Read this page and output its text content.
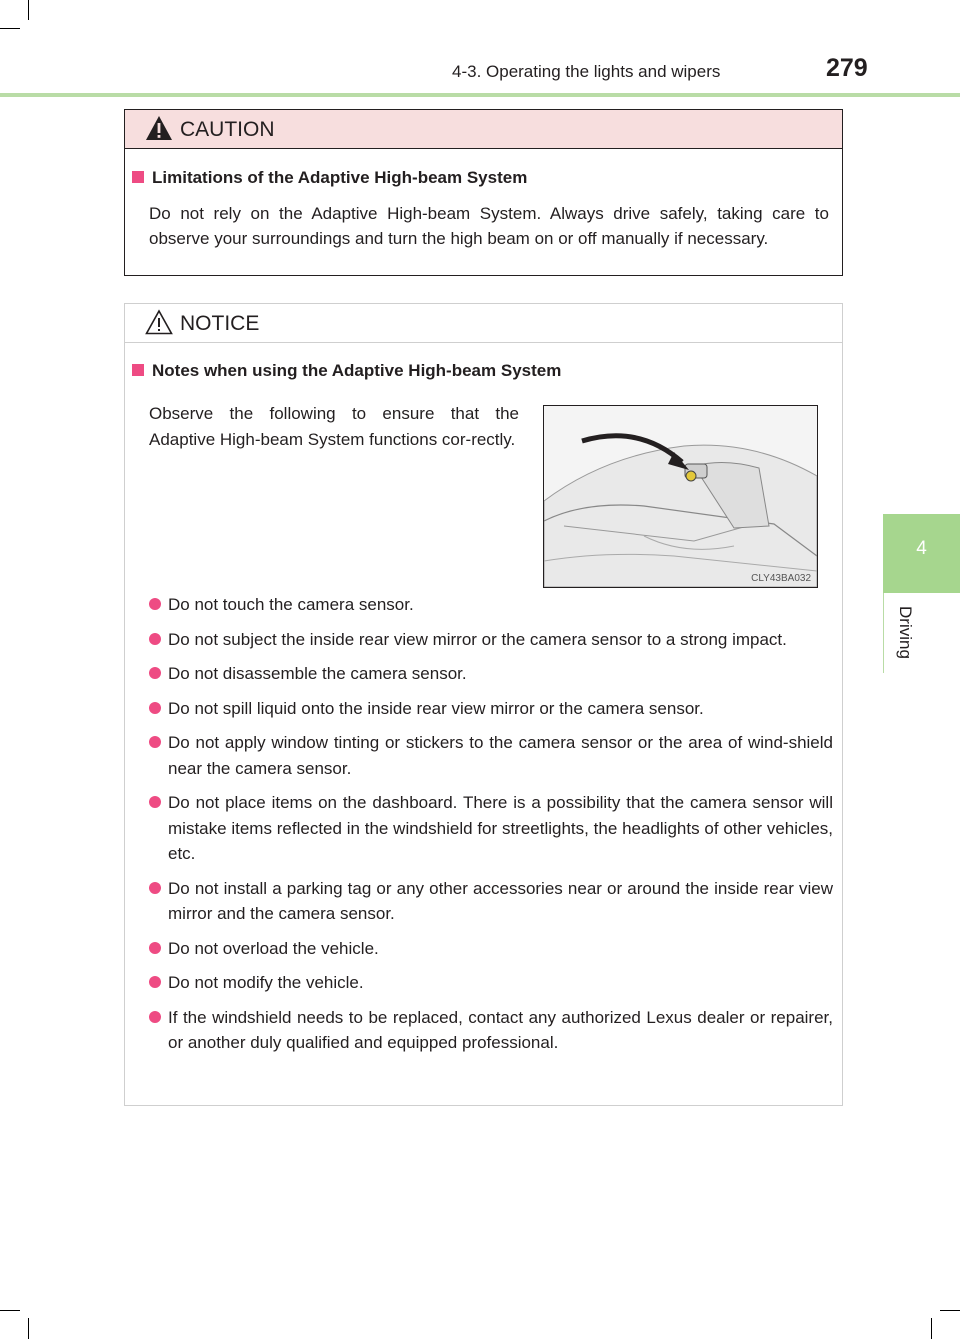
4-3. Operating the lights and wipers	279
4
Driving
CAUTION
Limitations of the Adaptive High-beam System
Do not rely on the Adaptive High-beam System. Always drive safely, taking care to observe your surroundings and turn the high beam on or off manually if necessary.
NOTICE
Notes when using the Adaptive High-beam System
Observe the following to ensure that the Adaptive High-beam System functions cor-rectly.
CLY43BA032
Do not touch the camera sensor.
Do not subject the inside rear view mirror or the camera sensor to a strong impact.
Do not disassemble the camera sensor.
Do not spill liquid onto the inside rear view mirror or the camera sensor.
Do not apply window tinting or stickers to the camera sensor or the area of wind-shield near the camera sensor.
Do not place items on the dashboard. There is a possibility that the camera sensor will mistake items reflected in the windshield for streetlights, the headlights of other vehicles, etc.
Do not install a parking tag or any other accessories near or around the inside rear view mirror and the camera sensor.
Do not overload the vehicle.
Do not modify the vehicle.
If the windshield needs to be replaced, contact any authorized Lexus dealer or repairer, or another duly qualified and equipped professional.
